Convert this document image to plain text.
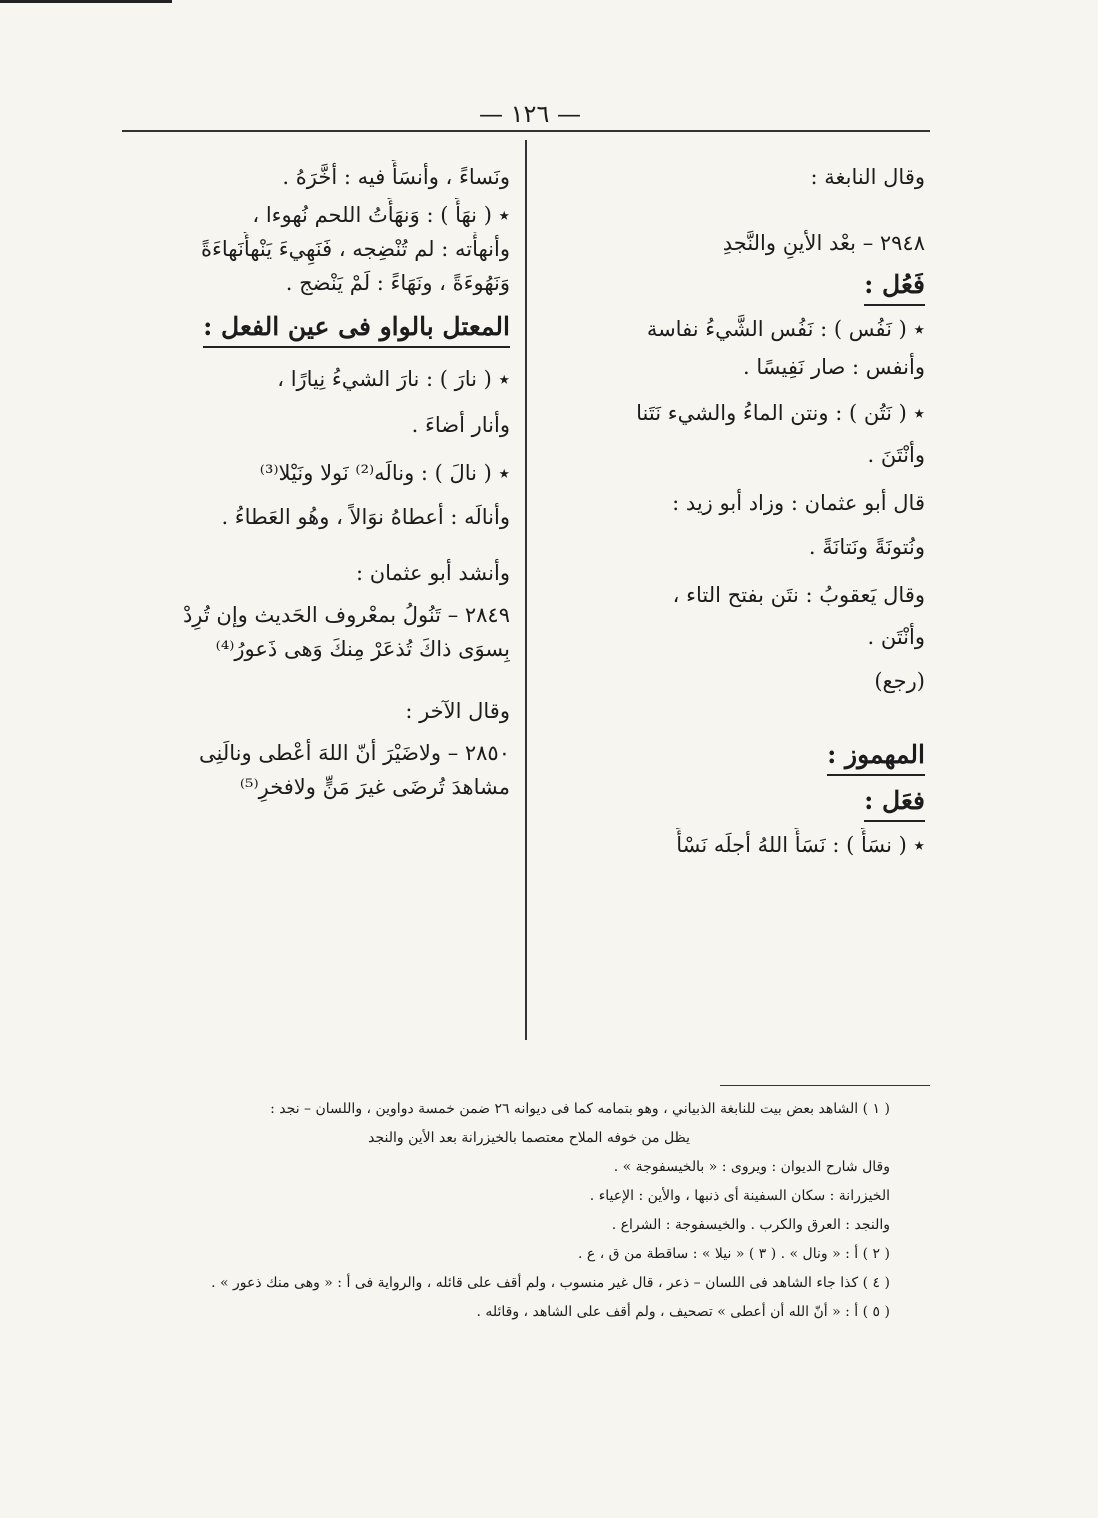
— ١٢٦ —
وقال النابغة :
٢٩٤٨ – بعْد الأينِ والنَّجدِ
فَعُل :
٭ ( نَفُس ) : نَفُس الشَّيءُ نفاسة
وأنفس : صار نَفِيسًا .
٭ ( نَتُن ) : ونتن الماءُ والشيء نَتَنا
وأنْتَنَ .
قال أبو عثمان : وزاد أبو زيد :
ونُتونَةً ونَتانَةً .
وقال يَعقوبُ : نتَن بفتح التاء ،
وأنْتَن .
(رجع)
المهموز :
فعَل :
٭ ( نسَأَ ) : نَسَأَ اللهُ أجلَه نَسْأً
ونَساءً ، وأنسَأَ فيه : أخَّرَهُ .
٭ ( نهَأَ ) : وَنهَأَتُ اللحم نُهوءا ،
وأنهأْته : لم تُنْضِجه ، فَنَهِيءَ يَنْهأُنَهاءَةً
وَنَهُوءَةً ، ونَهَاءً : لَمْ يَنْضج .
المعتل بالواو فى عين الفعل :
٭ ( نارَ ) : نارَ الشيءُ نِيارًا ،
وأنار أضاءَ .
٭ ( نالَ ) : ونالَه⁽²⁾ نَولا ونَيْلا⁽³⁾
وأنالَه : أعطاهُ نوَالاً ، وهُو العَطاءُ .
وأنشد أبو عثمان :
٢٨٤٩ – تَنُولُ بمعْروف الحَديث وإن تُرِدْ
بِسوَى ذاكَ تُذعَرْ مِنكَ وَهى ذَعورُ⁽⁴⁾
وقال الآخر :
٢٨٥٠ – ولاضَيْرَ أنّ اللهَ أعْطى ونالَنِى
مشاهدَ تُرضَى غيرَ مَنٍّ ولافخرِ⁽⁵⁾
( ١ ) الشاهد بعض بيت للنابغة الذبياني ، وهو بتمامه كما فى ديوانه ٢٦ ضمن خمسة دواوين ، واللسان – نجد :
يظل من خوفه الملاح معتصما بالخيزرانة بعد الأين والنجد
وقال شارح الديوان : ويروى : « بالخيسفوجة » .
الخيزرانة : سكان السفينة أى ذنبها ، والأين : الإعياء .
والنجد : العرق والكرب . والخيسفوجة : الشراع .
( ٢ ) أ : « ونال » . ( ٣ ) « نيلا » : ساقطة من ق ، ع .
( ٤ ) كذا جاء الشاهد فى اللسان – ذعر ، قال غير منسوب ، ولم أقف على قائله ، والرواية فى أ : « وهى منك ذعور » .
( ٥ ) أ : « أنّ الله أن أعطى » تصحيف ، ولم أقف على الشاهد ، وقائله .
